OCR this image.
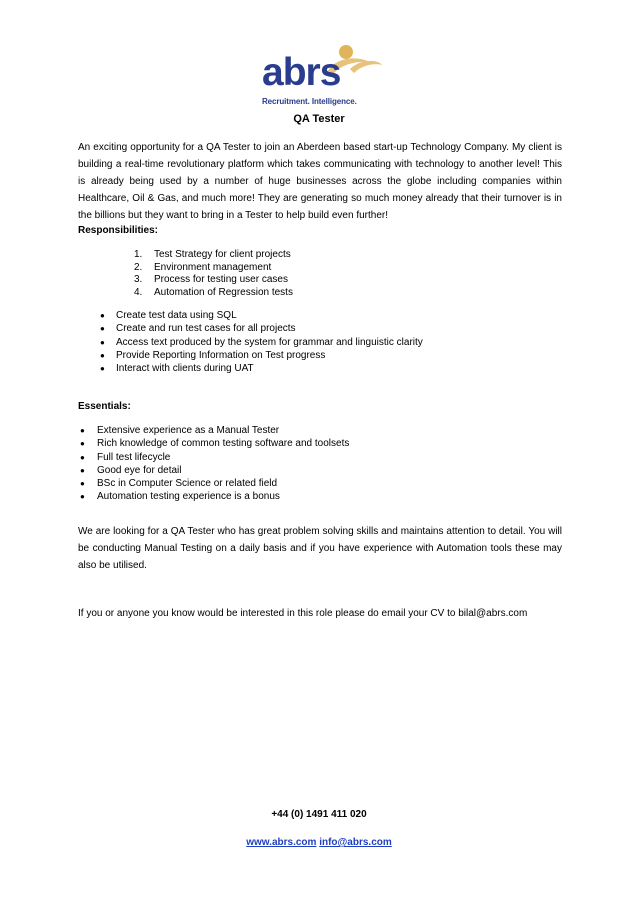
abrs
Recruitment. Intelligence.
QA Tester
An exciting opportunity for a QA Tester to join an Aberdeen based start-up Technology Company. My client is building a real-time revolutionary platform which takes communicating with technology to another level! This is already being used by a number of huge businesses across the globe including companies within Healthcare, Oil & Gas, and much more! They are generating so much money already that their turnover is in the billions but they want to bring in a Tester to help build even further!
Responsibilities:
1. Test Strategy for client projects
2. Environment management
3. Process for testing user cases
4. Automation of Regression tests
● Create test data using SQL
● Create and run test cases for all projects
● Access text produced by the system for grammar and linguistic clarity
● Provide Reporting Information on Test progress
● Interact with clients during UAT
Essentials:
● Extensive experience as a Manual Tester
● Rich knowledge of common testing software and toolsets
● Full test lifecycle
● Good eye for detail
● BSc in Computer Science or related field
● Automation testing experience is a bonus
We are looking for a QA Tester who has great problem solving skills and maintains attention to detail. You will be conducting Manual Testing on a daily basis and if you have experience with Automation tools these may also be utilised.
If you or anyone you know would be interested in this role please do email your CV to bilal@abrs.com
+44 (0) 1491 411 020
www.abrs.com info@abrs.com
